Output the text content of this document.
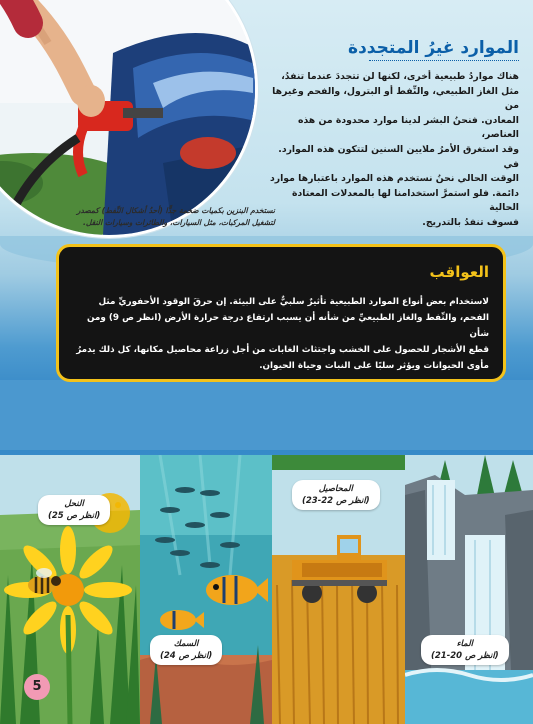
الموارد غيرُ المتجددة

هناك مواردُ طبيعية أخرى، لكنها لن تتجددَ عندما تنفدُ،
مثل الغاز الطبيعي، والنِّفط أو البترول، والفحم وغيرها من
المعادن. فنحنُ البشر لدينا موارد محدودة من هذه العناصر،
وقد استغرق الأمرُ ملايين السنين لتتكون هذه الموارد. في
الوقت الحالي نحنُ نستخدم هذه الموارد باعتبارها موارد
دائمة. فلو استمرَّ استخدامنا لها بالمعدلات المعتادة الحالية
فسوف تنفدُ بالتدريج.

نستخدم البنزين بكميات ضخمة جدًّا (أحدُ أشكال النِّفط) كمصدر
لتشغيل المركبات، مثل السيارات، والطائرات وسيارات النقل.

العواقب

لاستخدام بعض أنواع الموارد الطبيعية تأثيرٌ سلبيٌّ على البيئة. إن حرقَ الوقود الأحفوريِّ مثل
الفحم، والنِّفط والغاز الطبيعيِّ من شأنه أن يسبب ارتفاع درجة حرارة الأرض (انظر ص 9) ومن شأن
قطع الأشجار للحصول على الخشب واجتثاث الغابات من أجل زراعة محاصيل مكانها، كل ذلك يدمرُ
مأوى الحيوانات ويؤثر سلبًا على النبات وحياة الحيوان.

النحل
(انظر ص 25)
السمك
(انظر ص 24)
المحاصيل
(انظر ص 22-23)
الماء
(انظر ص 20-21)
5
